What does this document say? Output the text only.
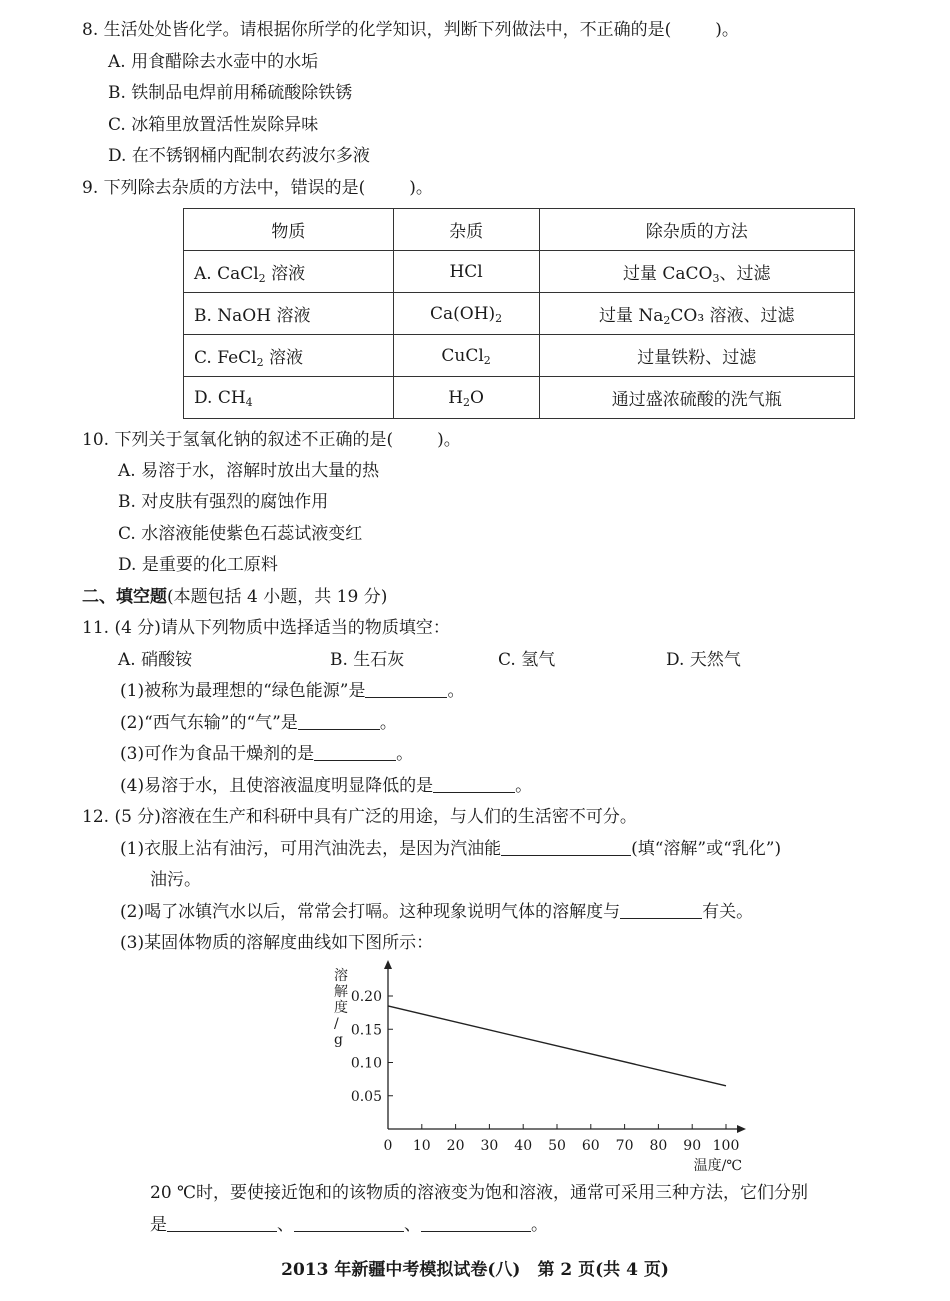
8. 生活处处皆化学。请根据你所学的化学知识，判断下列做法中，不正确的是(	)。
A. 用食醋除去水壶中的水垢
B. 铁制品电焊前用稀硫酸除铁锈
C. 冰箱里放置活性炭除异味
D. 在不锈钢桶内配制农药波尔多液
9. 下列除去杂质的方法中，错误的是(	)。
物质	杂质	除杂质的方法
A. CaCl$_2$ 溶液	HCl	过量 CaCO$_3$、过滤
B. NaOH 溶液	$Ca(OH)_2$	过量 $Na_2CO_3$ 溶液、过滤
C. FeCl$_2$ 溶液	CuCl$_2$	过量铁粉、过滤
D. $CH_4$	$H_2O$	通过盛浓硫酸的洗气瓶
10. 下列关于氢氧化钠的叙述不正确的是(	)。
A. 易溶于水，溶解时放出大量的热
B. 对皮肤有强烈的腐蚀作用
C. 水溶液能使紫色石蕊试液变红
D. 是重要的化工原料
二、填空题(本题包括 4 小题，共 19 分)
11. (4 分)请从下列物质中选择适当的物质填空：
A. 硝酸铵	B. 生石灰	C. 氢气	D. 天然气
(1)被称为最理想的“绿色能源”是	。
(2)“西气东输”的“气”是	。
(3)可作为食品干燥剂的是	。
(4)易溶于水，且使溶液温度明显降低的是	。
12. (5 分)溶液在生产和科研中具有广泛的用途，与人们的生活密不可分。
(1)衣服上沾有油污，可用汽油洗去，是因为汽油能	(填“溶解”或“乳化”)
油污。
(2)喝了冰镇汽水以后，常常会打嗝。这种现象说明气体的溶解度与	有关。
(3)某固体物质的溶解度曲线如下图所示：
0 10 20 30 40 50 60 70 80 90 100
0.05
0.10
0.15
0.20
溶解度/ g
温度/℃
20 ℃时，要使接近饱和的该物质的溶液变为饱和溶液，通常可采用三种方法，它们分别
是	、	、	。
2013 年新疆中考模拟试卷(八)　第 2 页(共 4 页)
